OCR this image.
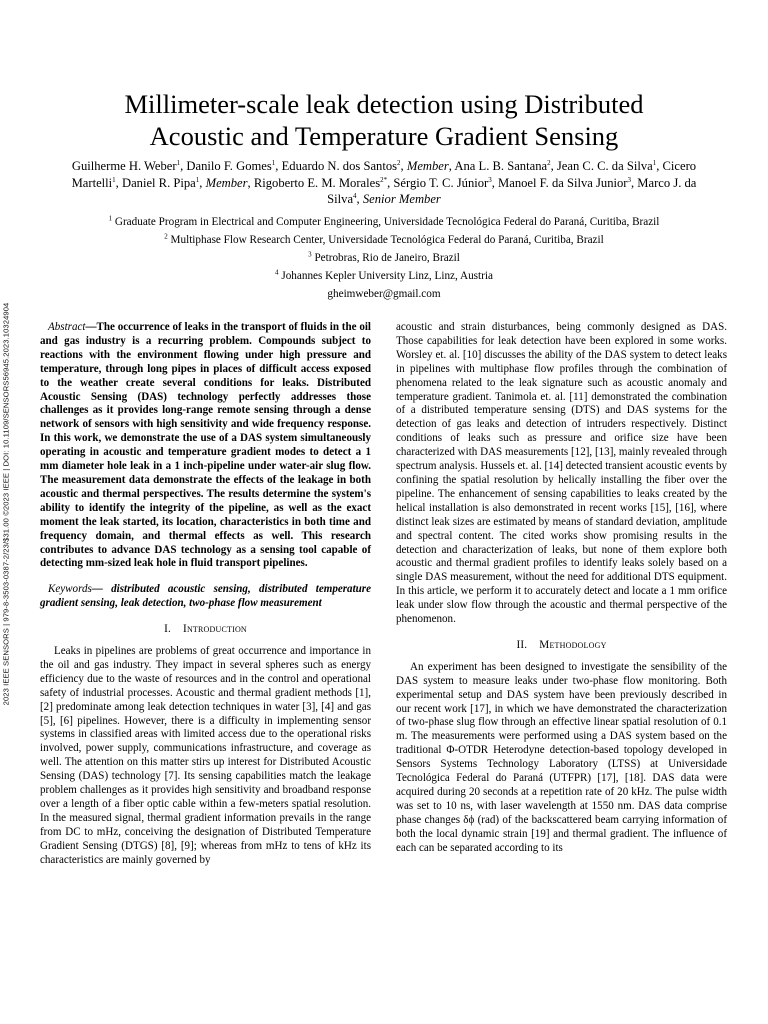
2023 IEEE SENSORS | 979-8-3503-0387-2/23/$31.00 ©2023 IEEE | DOI: 10.1109/SENSORS56945.2023.10324904
Millimeter-scale leak detection using Distributed
Acoustic and Temperature Gradient Sensing
Guilherme H. Weber$^1$, Danilo F. Gomes$^1$, Eduardo N. dos Santos$^2$, Member, Ana L. B. Santana$^2$, Jean C. C. da Silva$^1$, Cicero Martelli$^1$, Daniel R. Pipa$^1$, Member, Rigoberto E. M. Morales$^{2*}$, Sérgio T. C. Júnior$^3$, Manoel F. da Silva Junior$^3$, Marco J. da Silva$^4$, Senior Member
$^1$ Graduate Program in Electrical and Computer Engineering, Universidade Tecnológica Federal do Paraná, Curitiba, Brazil
$^2$ Multiphase Flow Research Center, Universidade Tecnológica Federal do Paraná, Curitiba, Brazil
$^3$ Petrobras, Rio de Janeiro, Brazil
$^4$ Johannes Kepler University Linz, Linz, Austria
gheimweber@gmail.com

Abstract—The occurrence of leaks in the transport of fluids in the oil and gas industry is a recurring problem. Compounds subject to reactions with the environment flowing under high pressure and temperature, through long pipes in places of difficult access exposed to the weather create several conditions for leaks. Distributed Acoustic Sensing (DAS) technology perfectly addresses those challenges as it provides long-range remote sensing through a dense network of sensors with high sensitivity and wide frequency response. In this work, we demonstrate the use of a DAS system simultaneously operating in acoustic and temperature gradient modes to detect a 1 mm diameter hole leak in a 1 inch-pipeline under water-air slug flow. The measurement data demonstrate the effects of the leakage in both acoustic and thermal perspectives. The results determine the system's ability to identify the integrity of the pipeline, as well as the exact moment the leak started, its location, characteristics in both time and frequency domain, and thermal effects as well. This research contributes to advance DAS technology as a sensing tool capable of detecting mm-sized leak hole in fluid transport pipelines.

Keywords— distributed acoustic sensing, distributed temperature gradient sensing, leak detection, two-phase flow measurement

I. Introduction

Leaks in pipelines are problems of great occurrence and importance in the oil and gas industry. They impact in several spheres such as energy efficiency due to the waste of resources and in the control and operational safety of industrial processes. Acoustic and thermal gradient methods [1], [2] predominate among leak detection techniques in water [3], [4] and gas [5], [6] pipelines. However, there is a difficulty in implementing sensor systems in classified areas with limited access due to the operational risks involved, power supply, communications infrastructure, and coverage as well. The attention on this matter stirs up interest for Distributed Acoustic Sensing (DAS) technology [7]. Its sensing capabilities match the leakage problem challenges as it provides high sensitivity and broadband response over a length of a fiber optic cable within a few-meters spatial resolution. In the measured signal, thermal gradient information prevails in the range from DC to mHz, conceiving the designation of Distributed Temperature Gradient Sensing (DTGS) [8], [9]; whereas from mHz to tens of kHz its characteristics are mainly governed by

acoustic and strain disturbances, being commonly designed as DAS. Those capabilities for leak detection have been explored in some works. Worsley et. al. [10] discusses the ability of the DAS system to detect leaks in pipelines with multiphase flow profiles through the combination of phenomena related to the leak signature such as acoustic anomaly and temperature gradient. Tanimola et. al. [11] demonstrated the combination of a distributed temperature sensing (DTS) and DAS systems for the detection of gas leaks and detection of intruders respectively. Distinct conditions of leaks such as pressure and orifice size have been characterized with DAS measurements [12], [13], mainly revealed through spectrum analysis. Hussels et. al. [14] detected transient acoustic events by confining the spatial resolution by helically installing the fiber over the pipeline. The enhancement of sensing capabilities to leaks created by the helical installation is also demonstrated in recent works [15], [16], where distinct leak sizes are estimated by means of standard deviation, amplitude and spectral content. The cited works show promising results in the detection and characterization of leaks, but none of them explore both acoustic and thermal gradient profiles to identify leaks solely based on a single DAS measurement, without the need for additional DTS equipment. In this article, we perform it to accurately detect and locate a 1 mm orifice leak under slow flow through the acoustic and thermal perspective of the phenomenon.

II. Methodology

An experiment has been designed to investigate the sensibility of the DAS system to measure leaks under two-phase flow monitoring. Both experimental setup and DAS system have been previously described in our recent work [17], in which we have demonstrated the characterization of two-phase slug flow through an effective linear spatial resolution of 0.1 m. The measurements were performed using a DAS system based on the traditional Φ-OTDR Heterodyne detection-based topology developed in Sensors Systems Technology Laboratory (LTSS) at Universidade Tecnológica Federal do Paraná (UTFPR) [17], [18]. DAS data were acquired during 20 seconds at a repetition rate of 20 kHz. The pulse width was set to 10 ns, with laser wavelength at 1550 nm. DAS data comprise phase changes δϕ (rad) of the backscattered beam carrying information of both the local dynamic strain [19] and thermal gradient. The influence of each can be separated according to its
